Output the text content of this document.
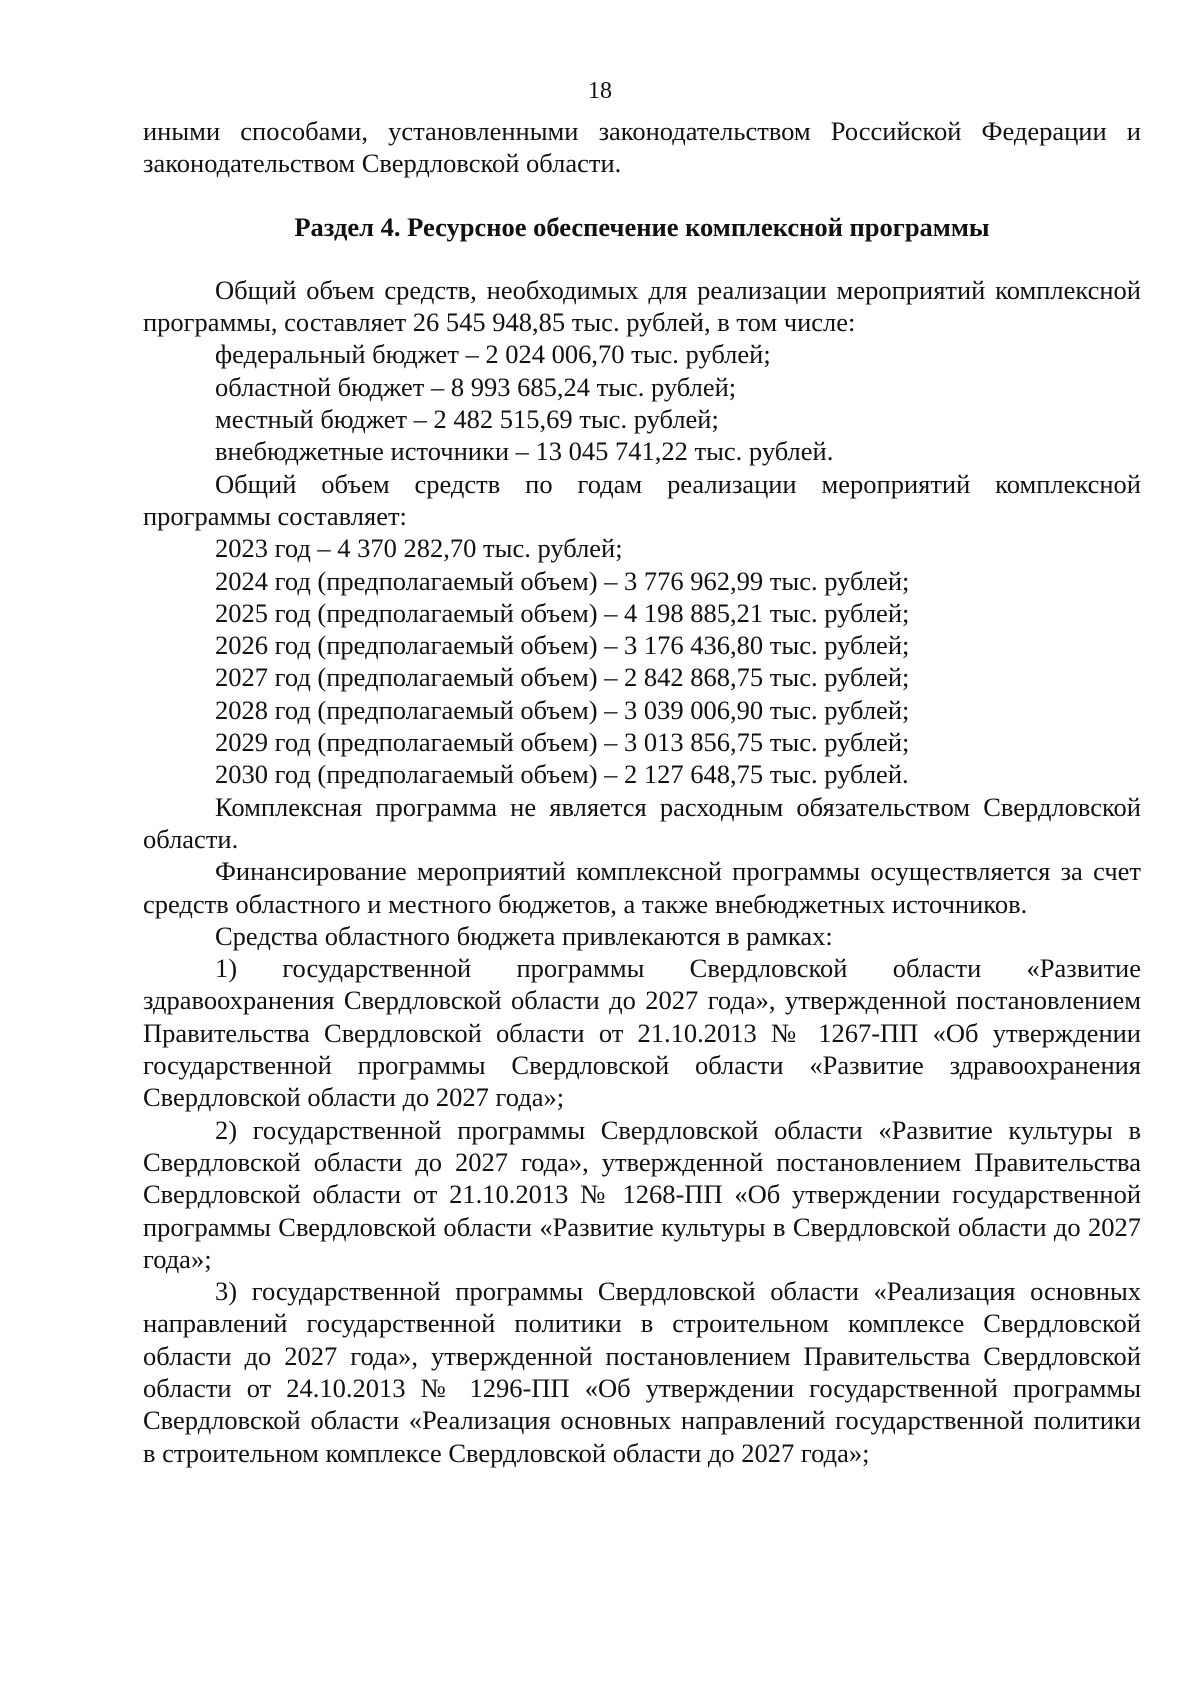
18

иными способами, установленными законодательством Российской Федерации и законодательством Свердловской области.

Раздел 4. Ресурсное обеспечение комплексной программы

Общий объем средств, необходимых для реализации мероприятий комплексной программы, составляет 26 545 948,85 тыс. рублей, в том числе:

федеральный бюджет – 2 024 006,70 тыс. рублей;

областной бюджет – 8 993 685,24 тыс. рублей;

местный бюджет – 2 482 515,69 тыс. рублей;

внебюджетные источники – 13 045 741,22 тыс. рублей.

Общий объем средств по годам реализации мероприятий комплексной программы составляет:

2023 год – 4 370 282,70 тыс. рублей;

2024 год (предполагаемый объем) – 3 776 962,99 тыс. рублей;

2025 год (предполагаемый объем) – 4 198 885,21 тыс. рублей;

2026 год (предполагаемый объем) – 3 176 436,80 тыс. рублей;

2027 год (предполагаемый объем) – 2 842 868,75 тыс. рублей;

2028 год (предполагаемый объем) – 3 039 006,90 тыс. рублей;

2029 год (предполагаемый объем) – 3 013 856,75 тыс. рублей;

2030 год (предполагаемый объем) – 2 127 648,75 тыс. рублей.

Комплексная программа не является расходным обязательством Свердловской области.

Финансирование мероприятий комплексной программы осуществляется за счет средств областного и местного бюджетов, а также внебюджетных источников.

Средства областного бюджета привлекаются в рамках:

1) государственной программы Свердловской области «Развитие здравоохранения Свердловской области до 2027 года», утвержденной постановлением Правительства Свердловской области от 21.10.2013 № 1267-ПП «Об утверждении государственной программы Свердловской области «Развитие здравоохранения Свердловской области до 2027 года»;

2) государственной программы Свердловской области «Развитие культуры в Свердловской области до 2027 года», утвержденной постановлением Правительства Свердловской области от 21.10.2013 № 1268-ПП «Об утверждении государственной программы Свердловской области «Развитие культуры в Свердловской области до 2027 года»;

3) государственной программы Свердловской области «Реализация основных направлений государственной политики в строительном комплексе Свердловской области до 2027 года», утвержденной постановлением Правительства Свердловской области от 24.10.2013 № 1296-ПП «Об утверждении государственной программы Свердловской области «Реализация основных направлений государственной политики в строительном комплексе Свердловской области до 2027 года»;
